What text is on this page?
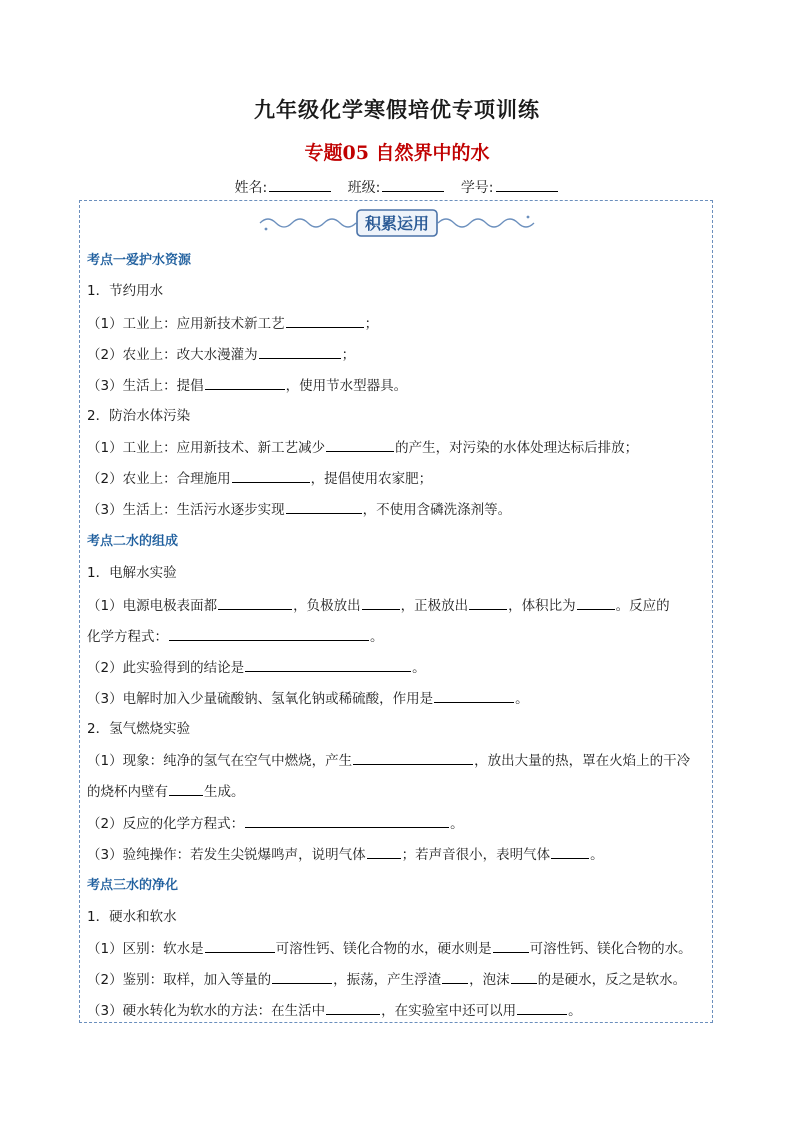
九年级化学寒假培优专项训练
专题05 自然界中的水
姓名:	班级:	学号:
积累运用
考点一爱护水资源
1．节约用水
（1）工业上：应用新技术新工艺	；
（2）农业上：改大水漫灌为	；
（3）生活上：提倡	，使用节水型器具。
2．防治水体污染
（1）工业上：应用新技术、新工艺减少	的产生，对污染的水体处理达标后排放；
（2）农业上：合理施用	，提倡使用农家肥；
（3）生活上：生活污水逐步实现	，不使用含磷洗涤剂等。
考点二水的组成
1．电解水实验
（1）电源电极表面都	，负极放出	，正极放出	，体积比为	。反应的
化学方程式：	。
（2）此实验得到的结论是	。
（3）电解时加入少量硫酸钠、氢氧化钠或稀硫酸，作用是	。
2．氢气燃烧实验
（1）现象：纯净的氢气在空气中燃烧，产生	，放出大量的热，罩在火焰上的干冷
的烧杯内壁有	生成。
（2）反应的化学方程式：	。
（3）验纯操作：若发生尖锐爆鸣声，说明气体	；若声音很小，表明气体	。
考点三水的净化
1．硬水和软水
（1）区别：软水是	可溶性钙、镁化合物的水，硬水则是	可溶性钙、镁化合物的水。
（2）鉴别：取样，加入等量的	，振荡，产生浮渣 ，泡沫 的是硬水，反之是软水。
（3）硬水转化为软水的方法：在生活中	，在实验室中还可以用	。
